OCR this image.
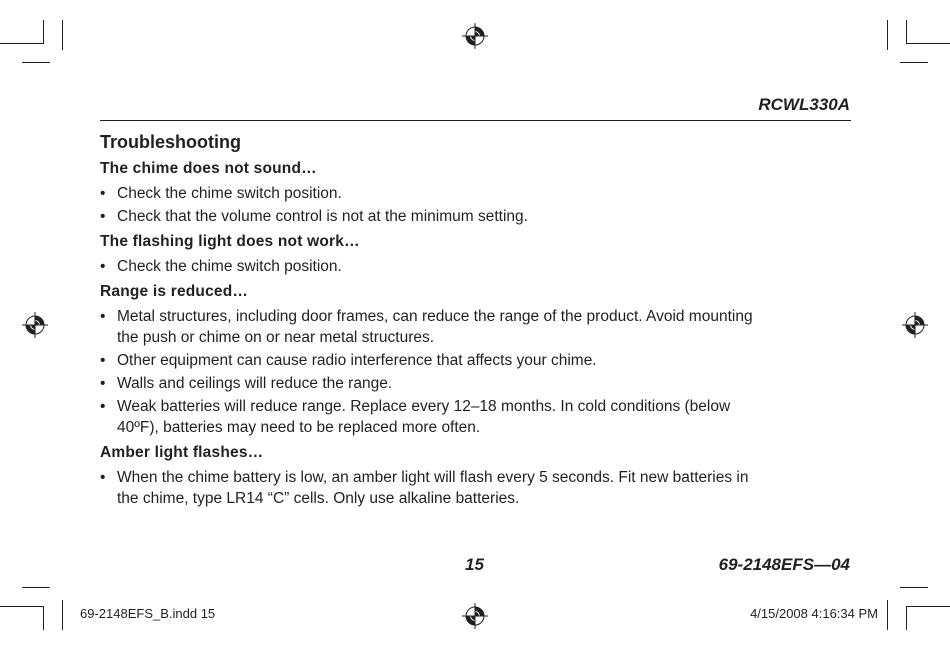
RCWL330A
Troubleshooting
The chime does not sound…
• Check the chime switch position.
• Check that the volume control is not at the minimum setting.
The flashing light does not work…
• Check the chime switch position.
Range is reduced…
• Metal structures, including door frames, can reduce the range of the product. Avoid mounting
the push or chime on or near metal structures.
• Other equipment can cause radio interference that affects your chime.
• Walls and ceilings will reduce the range.
• Weak batteries will reduce range. Replace every 12–18 months. In cold conditions (below
40ºF), batteries may need to be replaced more often.
Amber light flashes…
• When the chime battery is low, an amber light will flash every 5 seconds. Fit new batteries in
the chime, type LR14 “C” cells. Only use alkaline batteries.
15	69-2148EFS—04
69-2148EFS_B.indd 15	4/15/2008 4:16:34 PM
